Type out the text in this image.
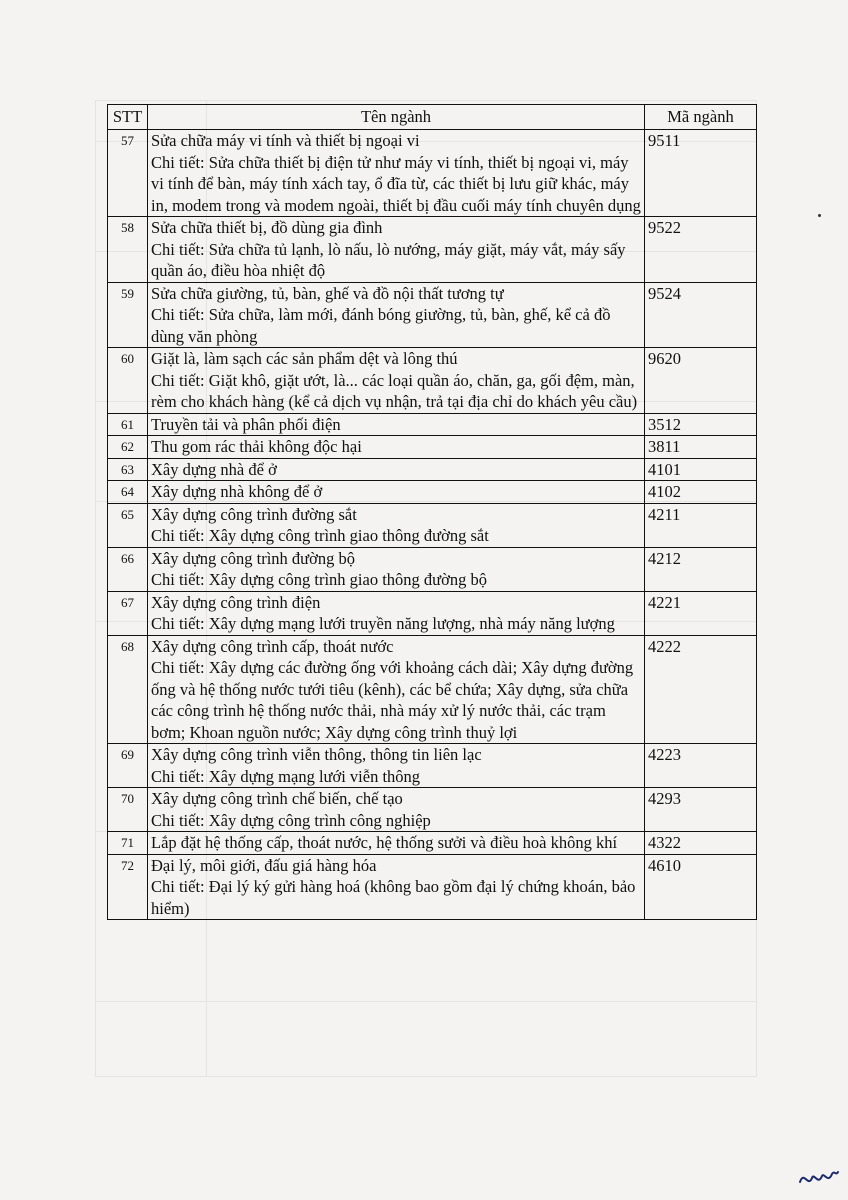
STT	Tên ngành	Mã ngành
57	Sửa chữa máy vi tính và thiết bị ngoại vi
Chi tiết: Sửa chữa thiết bị điện tử như máy vi tính, thiết bị ngoại vi, máy vi tính để bàn, máy tính xách tay, ổ đĩa từ, các thiết bị lưu giữ khác, máy in, modem trong và modem ngoài, thiết bị đầu cuối máy tính chuyên dụng	9511
58	Sửa chữa thiết bị, đồ dùng gia đình
Chi tiết: Sửa chữa tủ lạnh, lò nấu, lò nướng, máy giặt, máy vắt, máy sấy quần áo, điều hòa nhiệt độ	9522
59	Sửa chữa giường, tủ, bàn, ghế và đồ nội thất tương tự
Chi tiết: Sửa chữa, làm mới, đánh bóng giường, tủ, bàn, ghế, kể cả đồ dùng văn phòng	9524
60	Giặt là, làm sạch các sản phẩm dệt và lông thú
Chi tiết: Giặt khô, giặt ướt, là... các loại quần áo, chăn, ga, gối đệm, màn, rèm cho khách hàng (kể cả dịch vụ nhận, trả tại địa chỉ do khách yêu cầu)	9620
61	Truyền tải và phân phối điện	3512
62	Thu gom rác thải không độc hại	3811
63	Xây dựng nhà để ở	4101
64	Xây dựng nhà không để ở	4102
65	Xây dựng công trình đường sắt
Chi tiết: Xây dựng công trình giao thông đường sắt	4211
66	Xây dựng công trình đường bộ
Chi tiết: Xây dựng công trình giao thông đường bộ	4212
67	Xây dựng công trình điện
Chi tiết: Xây dựng mạng lưới truyền năng lượng, nhà máy năng lượng	4221
68	Xây dựng công trình cấp, thoát nước
Chi tiết: Xây dựng các đường ống với khoảng cách dài; Xây dựng đường ống và hệ thống nước tưới tiêu (kênh), các bể chứa; Xây dựng, sửa chữa các công trình hệ thống nước thải, nhà máy xử lý nước thải, các trạm bơm; Khoan nguồn nước; Xây dựng công trình thuỷ lợi	4222
69	Xây dựng công trình viễn thông, thông tin liên lạc
Chi tiết: Xây dựng mạng lưới viễn thông	4223
70	Xây dựng công trình chế biến, chế tạo
Chi tiết: Xây dựng công trình công nghiệp	4293
71	Lắp đặt hệ thống cấp, thoát nước, hệ thống sưởi và điều hoà không khí	4322
72	Đại lý, môi giới, đấu giá hàng hóa
Chi tiết: Đại lý ký gửi hàng hoá (không bao gồm đại lý chứng khoán, bảo hiểm)	4610
